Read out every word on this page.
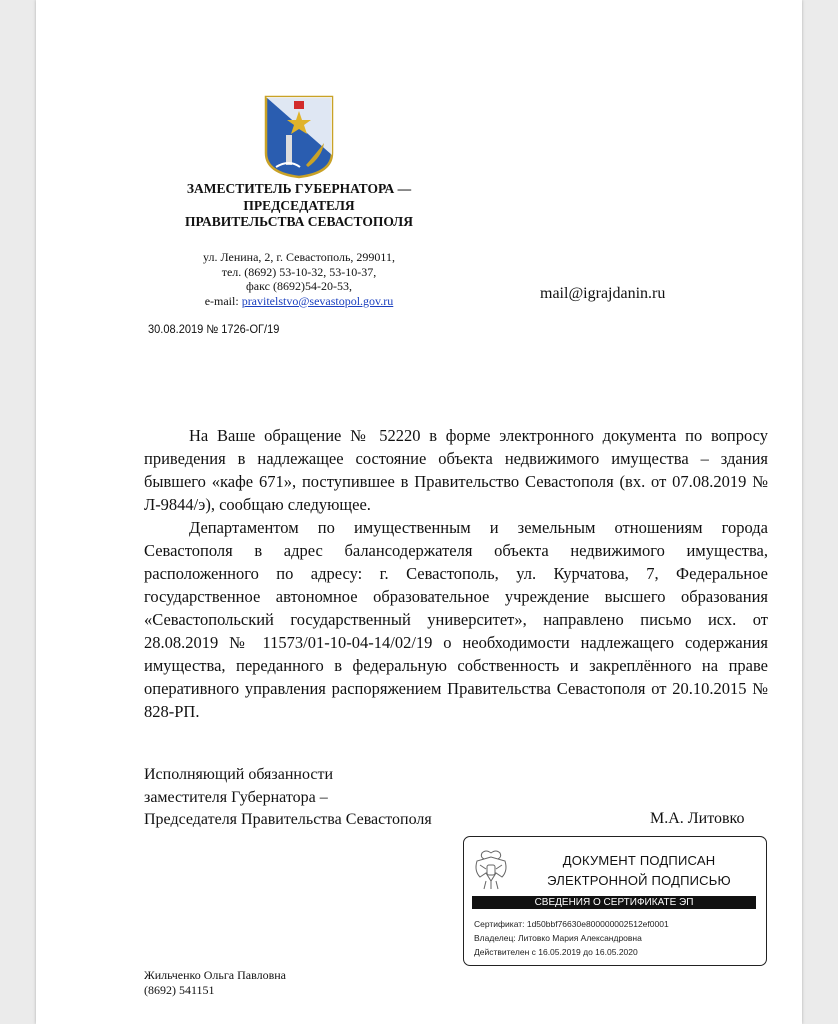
ЗАМЕСТИТЕЛЬ ГУБЕРНАТОРА —
ПРЕДСЕДАТЕЛЯ
ПРАВИТЕЛЬСТВА СЕВАСТОПОЛЯ
ул. Ленина, 2, г. Севастополь, 299011,
тел. (8692) 53-10-32, 53-10-37,
факс (8692)54-20-53,
e-mail: pravitelstvo@sevastopol.gov.ru	mail@igrajdanin.ru
30.08.2019 № 1726-ОГ/19

На Ваше обращение № 52220 в форме электронного документа по вопросу приведения в надлежащее состояние объекта недвижимого имущества – здания бывшего «кафе 671», поступившее в Правительство Севастополя (вх. от 07.08.2019 № Л-9844/э), сообщаю следующее.

Департаментом по имущественным и земельным отношениям города Севастополя в адрес балансодержателя объекта недвижимого имущества, расположенного по адресу: г. Севастополь, ул. Курчатова, 7, Федеральное государственное автономное образовательное учреждение высшего образования «Севастопольский государственный университет», направлено письмо исх. от 28.08.2019 № 11573/01-10-04-14/02/19 о необходимости надлежащего содержания имущества, переданного в федеральную собственность и закреплённого на праве оперативного управления распоряжением Правительства Севастополя от 20.10.2015 № 828-РП.

Исполняющий обязанности
заместителя Губернатора –
Председателя Правительства Севастополя	М.А. Литовко
ДОКУМЕНТ ПОДПИСАН
ЭЛЕКТРОННОЙ ПОДПИСЬЮ
СВЕДЕНИЯ О СЕРТИФИКАТЕ ЭП
Сертификат: 1d50bbf76630e800000002512ef0001
Владелец: Литовко Мария Александровна
Действителен с 16.05.2019 до 16.05.2020
Жильченко Ольга Павловна
(8692) 541151
